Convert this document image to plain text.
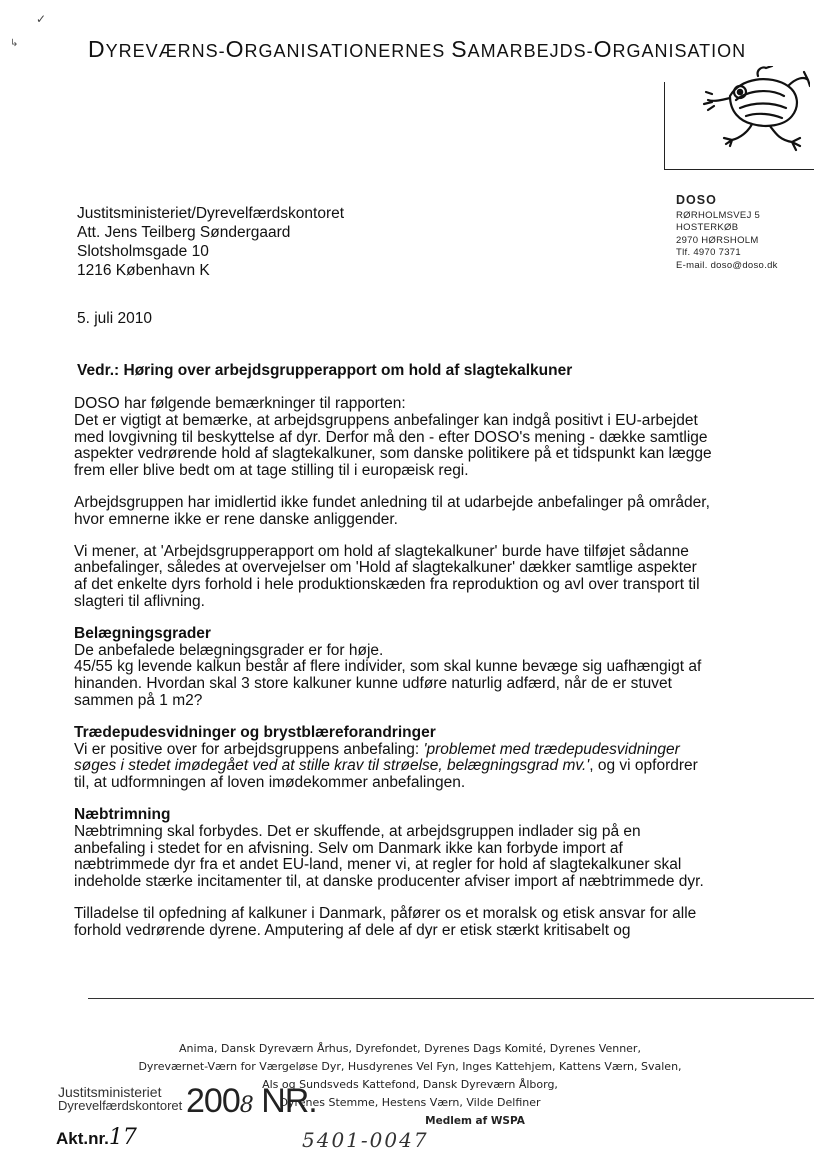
✓
↳	DYREVÆRNS-ORGANISATIONERNES SAMARBEJDS-ORGANISATION
Justitsministeriet/Dyrevelfærdskontoret
Att. Jens Teilberg Søndergaard
Slotsholmsgade 10
1216 København K
DOSO
RØRHOLMSVEJ 5
HOSTERKØB
2970 HØRSHOLM
Tlf. 4970 7371
E-mail. doso@doso.dk
5. juli 2010
Vedr.: Høring over arbejdsgrupperapport om hold af slagtekalkuner

DOSO har følgende bemærkninger til rapporten:
Det er vigtigt at bemærke, at arbejdsgruppens anbefalinger kan indgå positivt i EU-arbejdet
med lovgivning til beskyttelse af dyr. Derfor må den - efter DOSO's mening - dække samtlige
aspekter vedrørende hold af slagtekalkuner, som danske politikere på et tidspunkt kan lægge
frem eller blive bedt om at tage stilling til i europæisk regi.

Arbejdsgruppen har imidlertid ikke fundet anledning til at udarbejde anbefalinger på områder,
hvor emnerne ikke er rene danske anliggender.

Vi mener, at 'Arbejdsgrupperapport om hold af slagtekalkuner' burde have tilføjet sådanne
anbefalinger, således at overvejelser om 'Hold af slagtekalkuner' dækker samtlige aspekter
af det enkelte dyrs forhold i hele produktionskæden fra reproduktion og avl over transport til
slagteri til aflivning.

Belægningsgrader

De anbefalede belægningsgrader er for høje.
45/55 kg levende kalkun består af flere individer, som skal kunne bevæge sig uafhængigt af
hinanden. Hvordan skal 3 store kalkuner kunne udføre naturlig adfærd, når de er stuvet
sammen på 1 m2?

Trædepudesvidninger og brystblæreforandringer

Vi er positive over for arbejdsgruppens anbefaling: 'problemet med trædepudesvidninger
søges i stedet imødegået ved at stille krav til strøelse, belægningsgrad mv.', og vi opfordrer
til, at udformningen af loven imødekommer anbefalingen.

Næbtrimning

Næbtrimning skal forbydes. Det er skuffende, at arbejdsgruppen indlader sig på en
anbefaling i stedet for en afvisning. Selv om Danmark ikke kan forbyde import af
næbtrimmede dyr fra et andet EU-land, mener vi, at regler for hold af slagtekalkuner skal
indeholde stærke incitamenter til, at danske producenter afviser import af næbtrimmede dyr.

Tilladelse til opfedning af kalkuner i Danmark, påfører os et moralsk og etisk ansvar for alle
forhold vedrørende dyrene. Amputering af dele af dyr er etisk stærkt kritisabelt og

Anima, Dansk Dyreværn Århus, Dyrefondet, Dyrenes Dags Komité, Dyrenes Venner,
Dyreværnet-Værn for Værgeløse Dyr, Husdyrenes Vel Fyn, Inges Kattehjem, Kattens Værn, Svalen,
Als og Sundsveds Kattefond, Dansk Dyreværn Ålborg,
Dyrenes Stemme, Hestens Værn, Vilde Delfiner
Medlem af WSPA
Justitsministeriet
Dyrevelfærdskontoret 2008 NR.
Akt.nr.17	5401-0047
